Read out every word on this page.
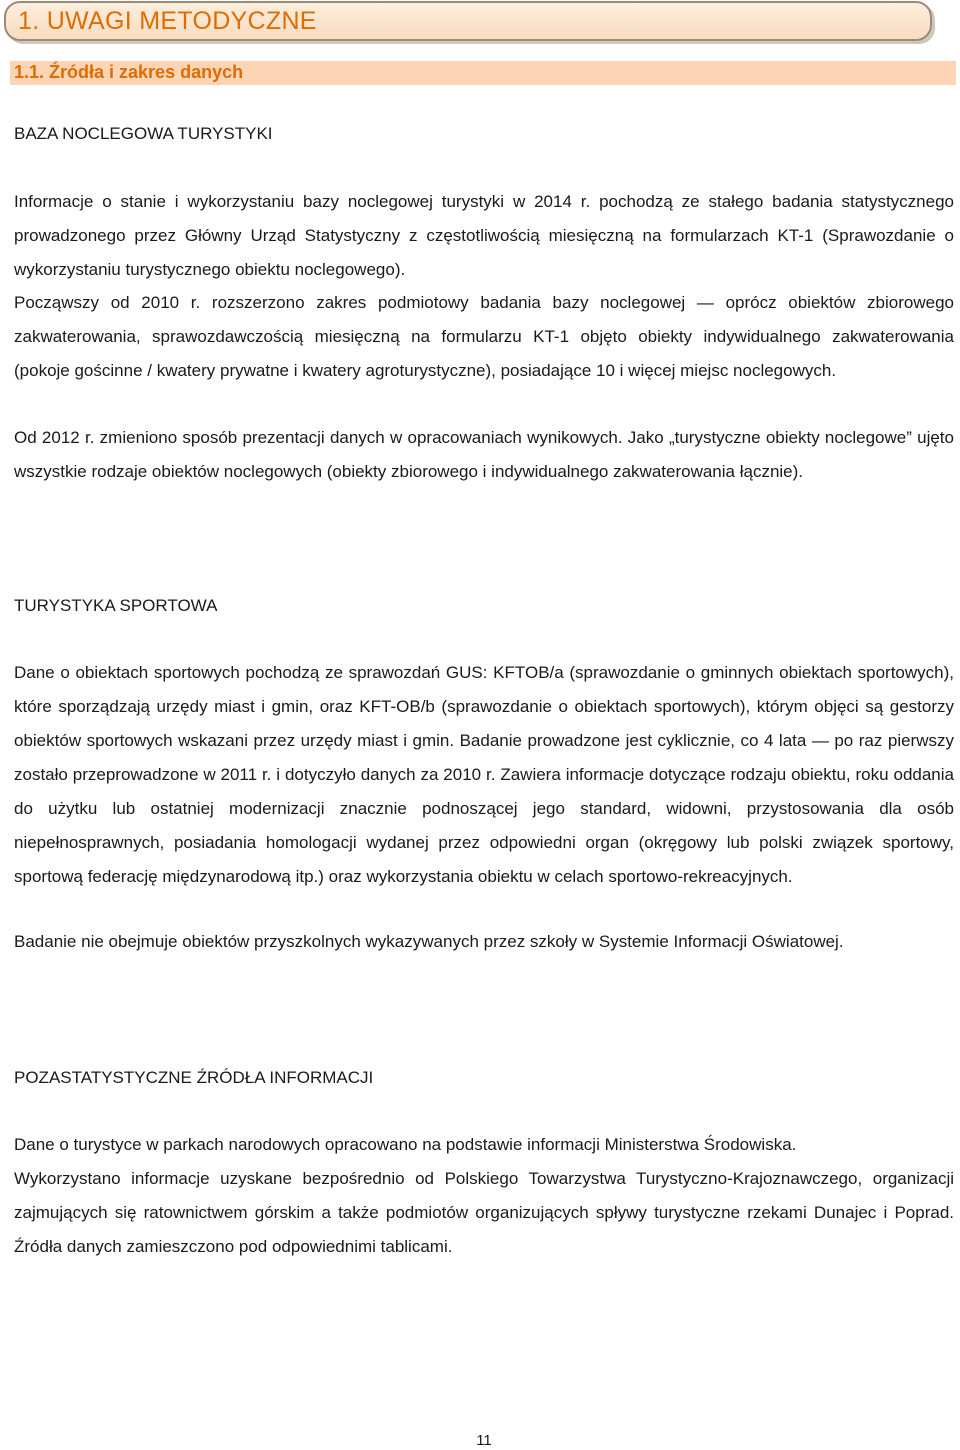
1. UWAGI METODYCZNE
1.1. Źródła i zakres danych
BAZA NOCLEGOWA TURYSTYKI

Informacje o stanie i wykorzystaniu bazy noclegowej turystyki w 2014 r. pochodzą ze stałego badania statystycznego prowadzonego przez Główny Urząd Statystyczny z częstotliwością miesięczną na formularzach KT-1 (Sprawozdanie o wykorzystaniu turystycznego obiektu noclegowego).

Począwszy od 2010 r. rozszerzono zakres podmiotowy badania bazy noclegowej — oprócz obiektów zbiorowego zakwaterowania, sprawozdawczością miesięczną na formularzu KT-1 objęto obiekty indywidualnego zakwaterowania (pokoje gościnne / kwatery prywatne i kwatery agroturystyczne), posiadające 10 i więcej miejsc noclegowych.

Od 2012 r. zmieniono sposób prezentacji danych w opracowaniach wynikowych. Jako „turystyczne obiekty noclegowe” ujęto wszystkie rodzaje obiektów noclegowych (obiekty zbiorowego i indywidualnego zakwaterowania łącznie).

TURYSTYKA SPORTOWA

Dane o obiektach sportowych pochodzą ze sprawozdań GUS: KFTOB/a (sprawozdanie o gminnych obiektach sportowych), które sporządzają urzędy miast i gmin, oraz KFT-OB/b (sprawozdanie o obiektach sportowych), którym objęci są gestorzy obiektów sportowych wskazani przez urzędy miast i gmin. Badanie prowadzone jest cyklicznie, co 4 lata — po raz pierwszy zostało przeprowadzone w 2011 r. i dotyczyło danych za 2010 r. Zawiera informacje dotyczące rodzaju obiektu, roku oddania do użytku lub ostatniej modernizacji znacznie podnoszącej jego standard, widowni, przystosowania dla osób niepełnosprawnych, posiadania homologacji wydanej przez odpowiedni organ (okręgowy lub polski związek sportowy, sportową federację międzynarodową itp.) oraz wykorzystania obiektu w celach sportowo-rekreacyjnych.

Badanie nie obejmuje obiektów przyszkolnych wykazywanych przez szkoły w Systemie Informacji Oświatowej.

POZASTATYSTYCZNE ŹRÓDŁA INFORMACJI

Dane o turystyce w parkach narodowych opracowano na podstawie informacji Ministerstwa Środowiska.

Wykorzystano informacje uzyskane bezpośrednio od Polskiego Towarzystwa Turystyczno-Krajoznawczego, organizacji zajmujących się ratownictwem górskim a także podmiotów organizujących spływy turystyczne rzekami Dunajec i Poprad. Źródła danych zamieszczono pod odpowiednimi tablicami.

11
